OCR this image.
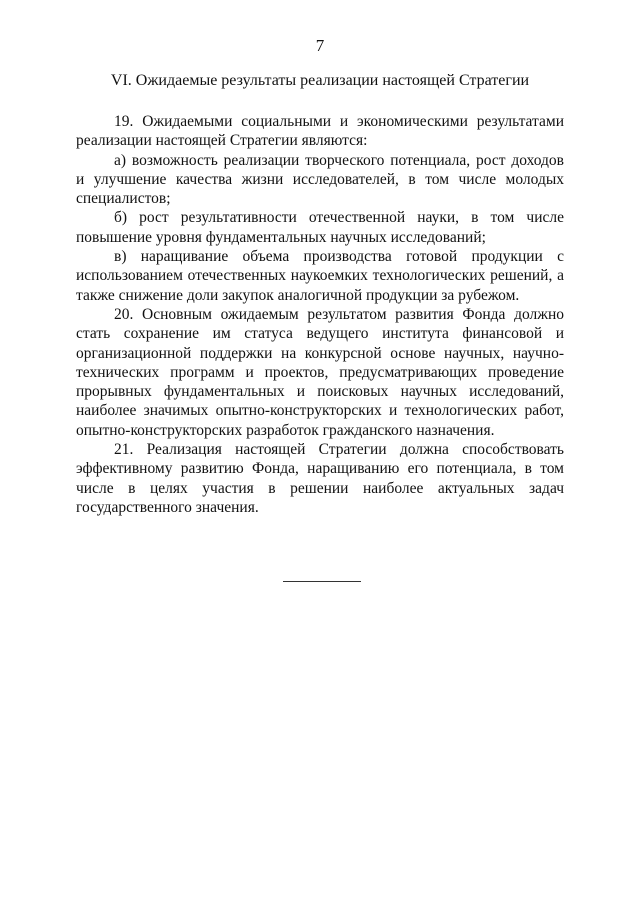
7
VI. Ожидаемые результаты реализации настоящей Стратегии

19. Ожидаемыми социальными и экономическими результатами реализации настоящей Стратегии являются:

а) возможность реализации творческого потенциала, рост доходов и улучшение качества жизни исследователей, в том числе молодых специалистов;

б) рост результативности отечественной науки, в том числе повышение уровня фундаментальных научных исследований;

в) наращивание объема производства готовой продукции с использованием отечественных наукоемких технологических решений, а также снижение доли закупок аналогичной продукции за рубежом.

20. Основным ожидаемым результатом развития Фонда должно стать сохранение им статуса ведущего института финансовой и организационной поддержки на конкурсной основе научных, научно-технических программ и проектов, предусматривающих проведение прорывных фундаментальных и поисковых научных исследований, наиболее значимых опытно-конструкторских и технологических работ, опытно-конструкторских разработок гражданского назначения.

21. Реализация настоящей Стратегии должна способствовать эффективному развитию Фонда, наращиванию его потенциала, в том числе в целях участия в решении наиболее актуальных задач государственного значения.
